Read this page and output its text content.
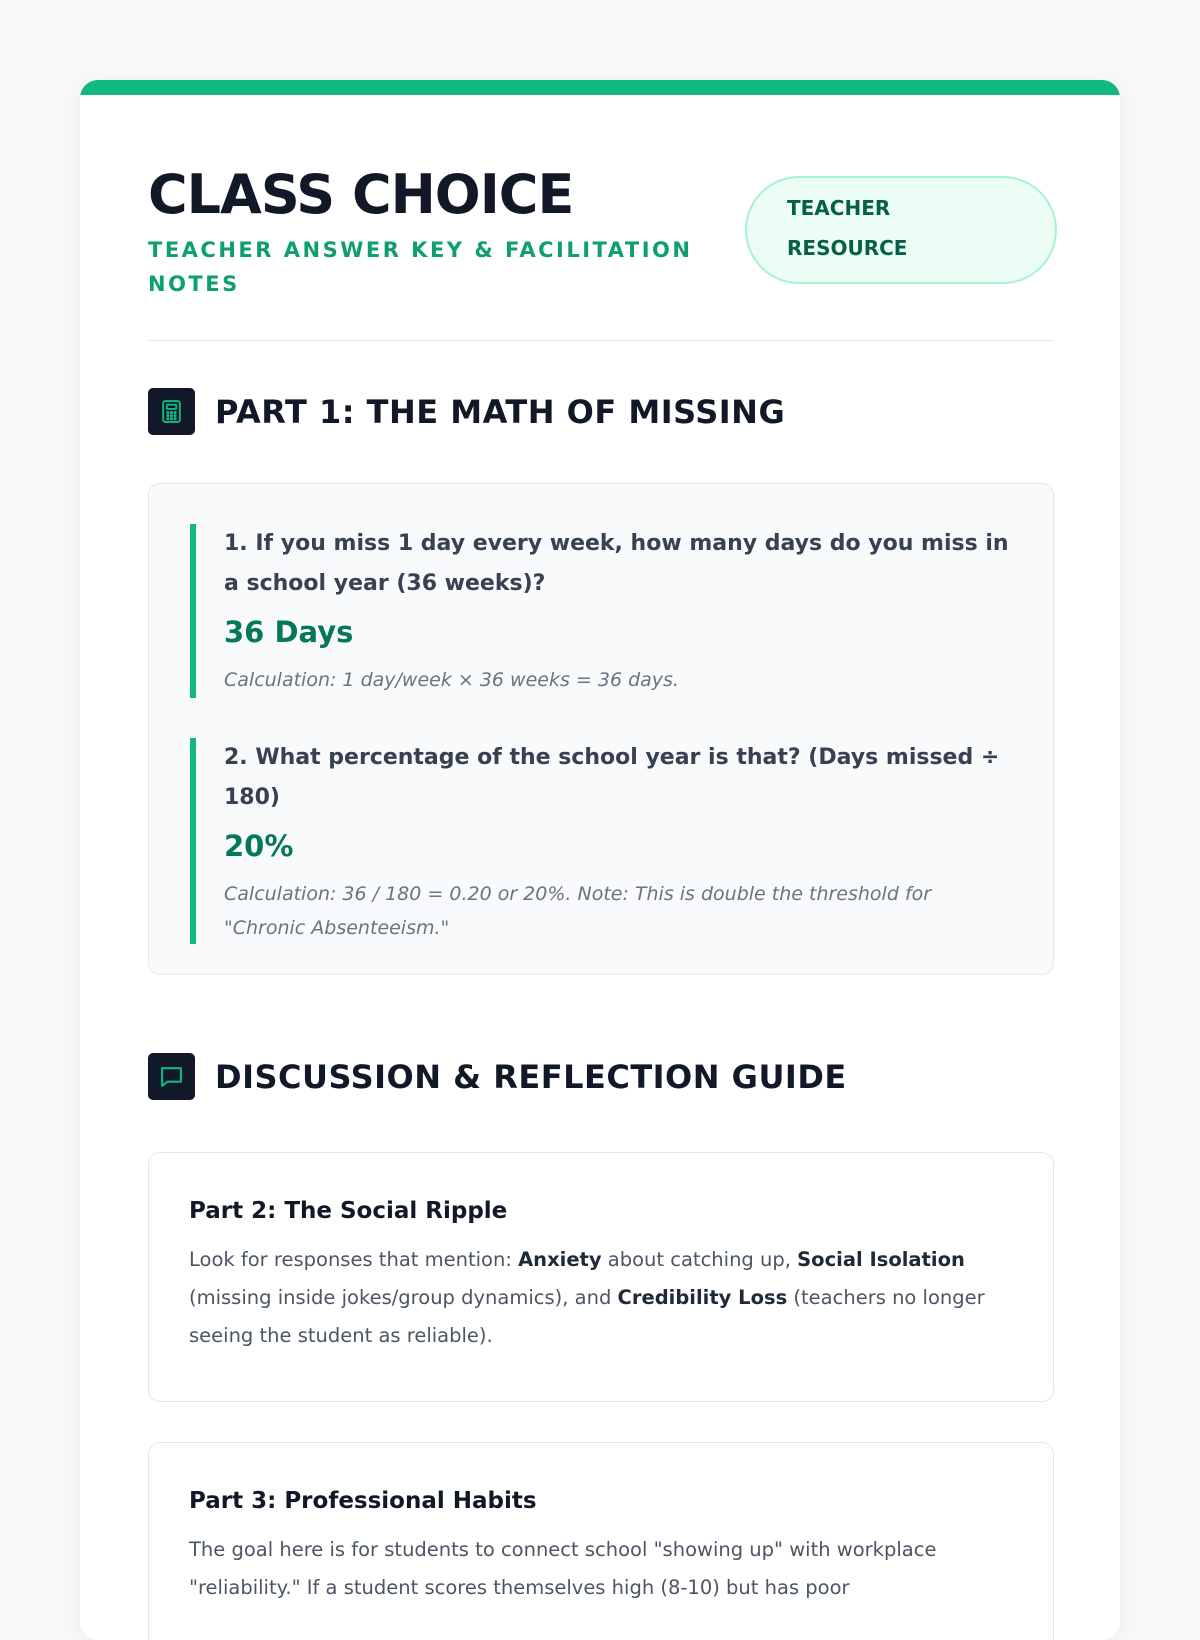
CLASS CHOICE

TEACHER ANSWER KEY & FACILITATION NOTES

TEACHER RESOURCE
PART 1: THE MATH OF MISSING

1. If you miss 1 day every week, how many days do you miss in a school year (36 weeks)?

36 Days

Calculation: 1 day/week × 36 weeks = 36 days.

2. What percentage of the school year is that? (Days missed ÷ 180)

20%

Calculation: 36 / 180 = 0.20 or 20%. Note: This is double the threshold for "Chronic Absenteeism."

DISCUSSION & REFLECTION GUIDE
Part 2: The Social Ripple

Look for responses that mention: Anxiety about catching up, Social Isolation (missing inside jokes/group dynamics), and Credibility Loss (teachers no longer seeing the student as reliable).

Part 3: Professional Habits

The goal here is for students to connect school "showing up" with workplace "reliability." If a student scores themselves high (8-10) but has poor
